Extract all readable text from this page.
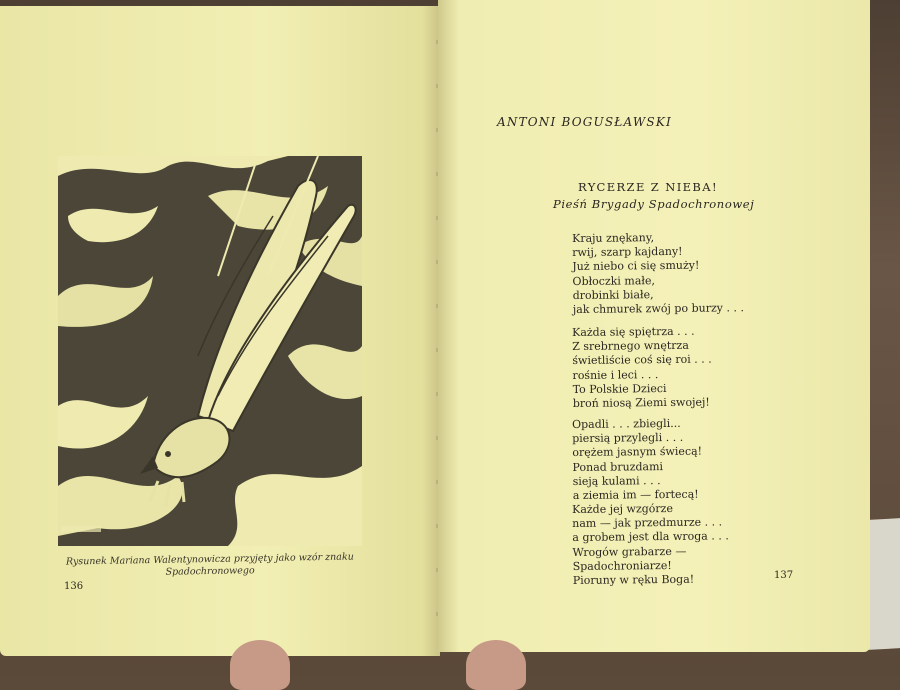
Rysunek Mariana Walentynowicza przyjęty jako wzór znaku Spadochronowego
136
ANTONI BOGUSŁAWSKI
RYCERZE Z NIEBA!
Pieśń Brygady Spadochronowej
Kraju znękany,
rwij, szarp kajdany!
Już niebo ci się smuży!
Obłoczki małe,
drobinki białe,
jak chmurek zwój po burzy . . .
Każda się spiętrza . . .
Z srebrnego wnętrza
świetliście coś się roi . . .
rośnie i leci . . .
To Polskie Dzieci
broń niosą Ziemi swojej!
Opadli . . . zbiegli...
piersią przylegli . . .
orężem jasnym świecą!
Ponad bruzdami
sieją kulami . . .
a ziemia im — fortecą!
Każde jej wzgórze
nam — jak przedmurze . . .
a grobem jest dla wroga . . .
Wrogów grabarze —
Spadochroniarze!
Pioruny w ręku Boga!	137
